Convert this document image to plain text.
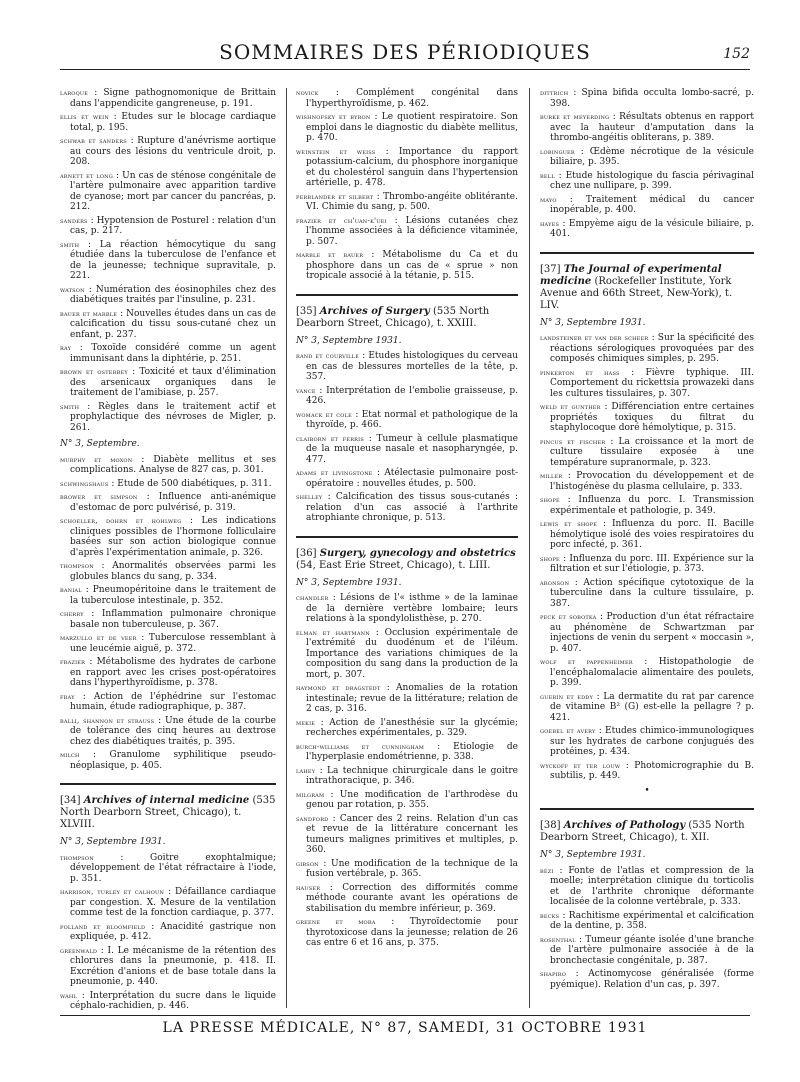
SOMMAIRES DES PÉRIODIQUES	152
laroque : Signe pathognomonique de Brittain dans l'appendicite gangreneuse, p. 191.
ellis et wein : Etudes sur le blocage cardiaque total, p. 195.
schwab et sanders : Rupture d'anévrisme aortique au cours des lésions du ventricule droit, p. 208.
arnett et long : Un cas de sténose congénitale de l'artère pulmonaire avec apparition tardive de cyanose; mort par cancer du pancréas, p. 212.
sanders : Hypotension de Posturel : relation d'un cas, p. 217.
smith : La réaction hémocytique du sang étudiée dans la tuberculose de l'enfance et de la jeunesse; technique supravitale, p. 221.
watson : Numération des éosinophiles chez des diabétiques traités par l'insuline, p. 231.
bauer et marble : Nouvelles études dans un cas de calcification du tissu sous-cutané chez un enfant, p. 237.
ray : Toxoïde considéré comme un agent immunisant dans la diphtérie, p. 251.
brown et osterbey : Toxicité et taux d'élimination des arsenicaux organiques dans le traitement de l'amibiase, p. 257.
smith : Règles dans le traitement actif et prophylactique des névroses de Migler, p. 261.
N° 3, Septembre.
murphy et moxon : Diabète mellitus et ses complications. Analyse de 827 cas, p. 301.
schwingshaus : Etude de 500 diabétiques, p. 311.
brower et simpson : Influence anti-anémique d'estomac de porc pulvérisé, p. 319.
schoeller, dohrn et hohlweg : Les indications cliniques possibles de l'hormone folliculaire basées sur son action biologique connue d'après l'expérimentation animale, p. 326.
thompson : Anormalités observées parmi les globules blancs du sang, p. 334.
banial : Pneumopéritoine dans le traitement de la tuberculose intestinale, p. 352.
cherry : Inflammation pulmonaire chronique basale non tuberculeuse, p. 367.
marzullo et de veer : Tuberculose ressemblant à une leucémie aiguë, p. 372.
frazier : Métabolisme des hydrates de carbone en rapport avec les crises post-opératoires dans l'hyperthyroïdisme, p. 378.
fray : Action de l'éphédrine sur l'estomac humain, étude radiographique, p. 387.
balli, shannon et strauss : Une étude de la courbe de tolérance des cinq heures au dextrose chez des diabétiques traités, p. 395.
milch : Granulome syphilitique pseudo-néoplasique, p. 405.
[34] Archives of internal medicine (535 North Dearborn Street, Chicago), t. XLVIII.
N° 3, Septembre 1931.
thompson	: Goitre exophtalmique; développement de l'état réfractaire à l'iode, p. 351.
harrison, turley et calhoun : Défaillance cardiaque par congestion. X. Mesure de la ventilation comme test de la fonction cardiaque, p. 377.
polland et bloomfield : Anacidité gastrique non expliquée, p. 412.
greenwald : I. Le mécanisme de la rétention des chlorures dans la pneumonie, p. 418. II. Excrétion d'anions et de base totale dans la pneumonie, p. 440.
wahl : Interprétation du sucre dans le liquide céphalo-rachidien, p. 446.
novick : Complément congénital dans l'hyperthyroïdisme, p. 462.
wishnofsky et byron : Le quotient respiratoire. Son emploi dans le diagnostic du diabète mellitus, p. 470.
weinstein et weiss : Importance du rapport potassium-calcium, du phosphore inorganique et du cholestérol sanguin dans l'hypertension artérielle, p. 478.
perblander et silbert : Thrombo-angéite oblitérante. VI. Chimie du sang, p. 500.
frazier et ch'uan-k'uei : Lésions cutanées chez l'homme associées à la déficience vitaminée, p. 507.
marble et bauer : Métabolisme du Ca et du phosphore dans un cas de « sprue » non tropicale associé à la tétanie, p. 515.
[35] Archives of Surgery (535 North Dearborn Street, Chicago), t. XXIII.
N° 3, Septembre 1931.
rand et courville : Etudes histologiques du cerveau en cas de blessures mortelles de la tête, p. 357.
vance : Interprétation de l'embolie graisseuse, p. 426.
womack et cole : Etat normal et pathologique de la thyroïde, p. 466.
claiborn et ferris : Tumeur à cellule plasmatique de la muqueuse nasale et nasopharyngée, p. 477.
adams et livingstone : Atélectasie pulmonaire post-opératoire : nouvelles études, p. 500.
shelley : Calcification des tissus sous-cutanés : relation d'un cas associé à l'arthrite atrophiante chronique, p. 513.
[36] Surgery, gynecology and obstetrics (54, East Erie Street, Chicago), t. LIII.
N° 3, Septembre 1931.
chandler : Lésions de l'« isthme » de la laminae de la dernière vertèbre lombaire; leurs relations à la spondylolisthèse, p. 270.
elman et hartmann : Occlusion expérimentale de l'extrémité du duodénum et de l'iléum. Importance des variations chimiques de la composition du sang dans la production de la mort, p. 307.
haymond et dragstedt : Anomalies de la rotation intestinale; revue de la littérature; relation de 2 cas, p. 316.
mekie : Action de l'anesthésie sur la glycémie; recherches expérimentales, p. 329.
burch-williams et cunningham : Etiologie de l'hyperplasie endométrienne, p. 338.
lahey : La technique chirurgicale dans le goitre intrathoracique, p. 346.
milgram : Une modification de l'arthrodèse du genou par rotation, p. 355.
sandford : Cancer des 2 reins. Relation d'un cas et revue de la littérature concernant les tumeurs malignes primitives et multiples, p. 360.
gibson : Une modification de la technique de la fusion vertébrale, p. 365.
hauser : Correction des difformités comme méthode courante avant les opérations de stabilisation du membre inférieur, p. 369.
greene et mora : Thyroïdectomie pour thyrotoxicose dans la jeunesse; relation de 26 cas entre 6 et 16 ans, p. 375.
dittrich : Spina bifida occulta lombo-sacré, p. 398.
burke et meyerding : Résultats obtenus en rapport avec la hauteur d'amputation dans la thrombo-angéitis obliterans, p. 389.
lobinguer : Œdème nécrotique de la vésicule biliaire, p. 395.
bell : Etude histologique du fascia périvaginal chez une nullipare, p. 399.
mayo : Traitement médical du cancer inopérable, p. 400.
hayes : Empyème aigu de la vésicule biliaire, p. 401.
[37] The Journal of experimental medicine (Rockefeller Institute, York Avenue and 66th Street, New-York), t. LIV.
N° 3, Septembre 1931.
landsteiner et van der scheer : Sur la spécificité des réactions sérologiques provoquées par des composés chimiques simples, p. 295.
pinkerton et hass : Fièvre typhique. III. Comportement du rickettsia prowazeki dans les cultures tissulaires, p. 307.
weld et gunther : Différenciation entre certaines propriétés toxiques du filtrat du staphylocoque doré hémolytique, p. 315.
pincus et fischer : La croissance et la mort de culture tissulaire exposée à une température supranormale, p. 323.
miller : Provocation du développement et de l'histogénèse du plasma cellulaire, p. 333.
shope : Influenza du porc. I. Transmission expérimentale et pathologie, p. 349.
lewis et shope : Influenza du porc. II. Bacille hémolytique isolé des voies respiratoires du porc infecté, p. 361.
shope : Influenza du porc. III. Expérience sur la filtration et sur l'étiologie, p. 373.
aronson : Action spécifique cytotoxique de la tuberculine dans la culture tissulaire, p. 387.
peck et sobotka : Production d'un état réfractaire au phénomène de Schwartzman par injections de venin du serpent « moccasin », p. 407.
wolf et pappenheimer : Histopathologie de l'encéphalomalacie alimentaire des poulets, p. 399.
guerin et eddy : La dermatite du rat par carence de vitamine B² (G) est-elle la pellagre ? p. 421.
goebel et avery : Etudes chimico-immunologiques sur les hydrates de carbone conjugués des protéines, p. 434.
wyckoff et ter louw : Photomicrographie du B. subtilis, p. 449.
•
[38] Archives of Pathology (535 North Dearborn Street, Chicago), t. XII.
N° 3, Septembre 1931.
bézi : Fonte de l'atlas et compression de la moelle; interprétation clinique du torticolis et de l'arthrite chronique déformante localisée de la colonne vertébrale, p. 333.
becks : Rachitisme expérimental et calcification de la dentine, p. 358.
rosenthal : Tumeur géante isolée d'une branche de l'artère pulmonaire associée à de la bronchectasie congénitale, p. 387.
shapiro : Actinomycose généralisée (forme pyémique). Relation d'un cas, p. 397.
LA PRESSE MÉDICALE, N° 87, SAMEDI, 31 OCTOBRE 1931
